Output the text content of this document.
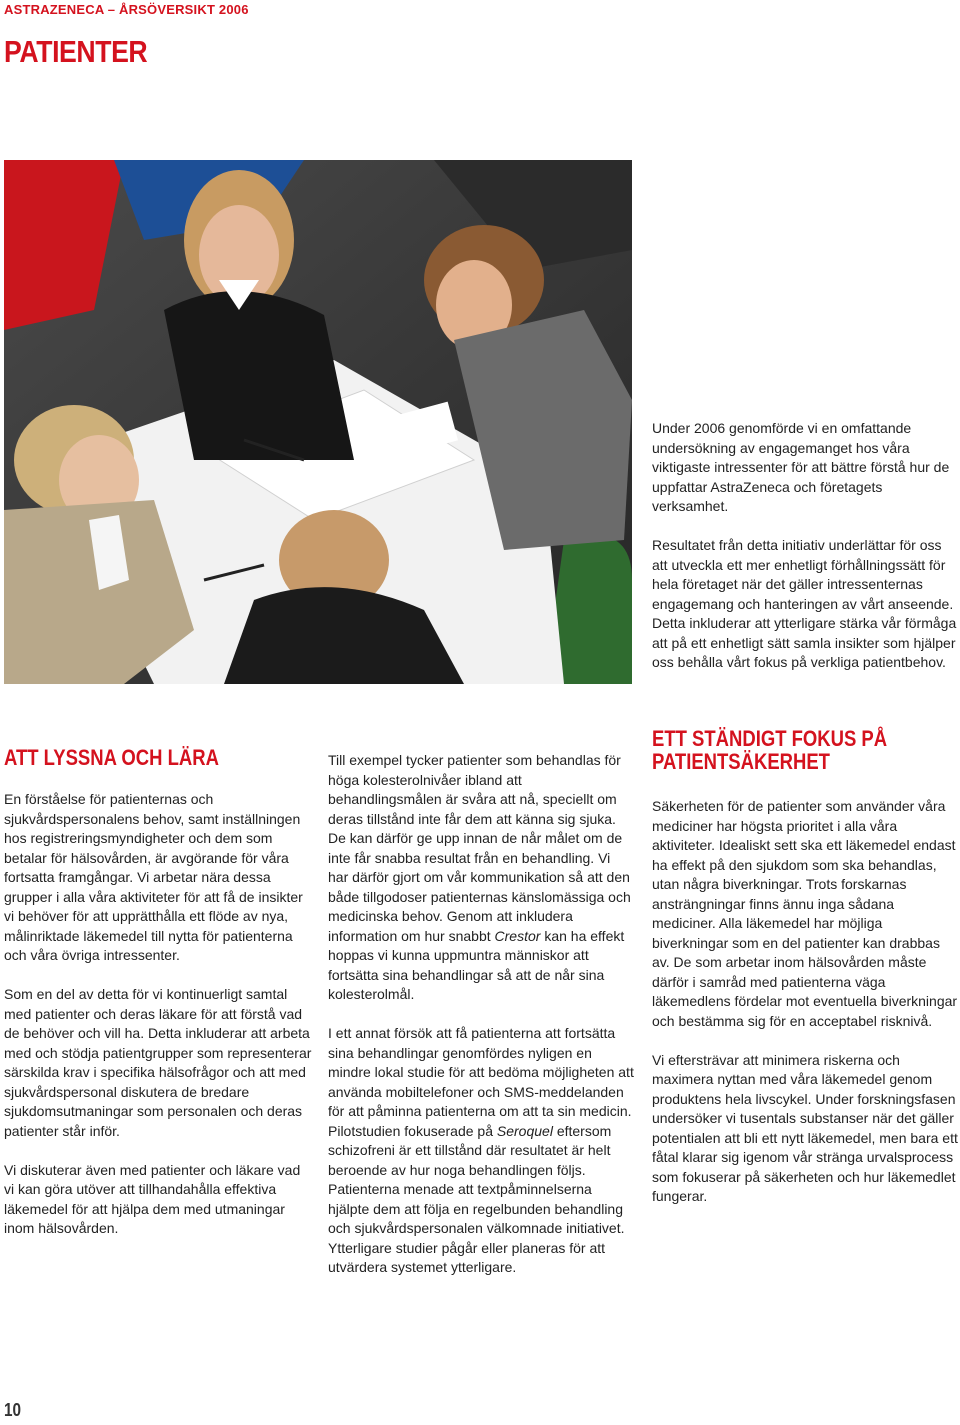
ASTRAZENECA – ÅRSÖVERSIKT 2006
PATIENTER

Under 2006 genomförde vi en omfattande undersökning av engagemanget hos våra viktigaste intressenter för att bättre förstå hur de uppfattar AstraZeneca och företagets verksamhet.

Resultatet från detta initiativ underlättar för oss att utveckla ett mer enhetligt förhållningssätt för hela företaget när det gäller intressenternas engagemang och hanteringen av vårt anseende. Detta inkluderar att ytterligare stärka vår förmåga att på ett enhetligt sätt samla insikter som hjälper oss behålla vårt fokus på verkliga patientbehov.

ATT LYSSNA OCH LÄRA

En förståelse för patienternas och sjukvårdspersonalens behov, samt inställningen hos registreringsmyndigheter och dem som betalar för hälsovården, är avgörande för våra fortsatta framgångar. Vi arbetar nära dessa grupper i alla våra aktiviteter för att få de insikter vi behöver för att upprätthålla ett flöde av nya, målinriktade läkemedel till nytta för patienterna och våra övriga intressenter.

Som en del av detta för vi kontinuerligt samtal med patienter och deras läkare för att förstå vad de behöver och vill ha. Detta inkluderar att arbeta med och stödja patientgrupper som representerar särskilda krav i specifika hälsofrågor och att med sjukvårdspersonal diskutera de bredare sjukdomsutmaningar som personalen och deras patienter står inför.

Vi diskuterar även med patienter och läkare vad vi kan göra utöver att tillhandahålla effektiva läkemedel för att hjälpa dem med utmaningar inom hälsovården.

Till exempel tycker patienter som behandlas för höga kolesterolnivåer ibland att behandlingsmålen är svåra att nå, speciellt om deras tillstånd inte får dem att känna sig sjuka. De kan därför ge upp innan de når målet om de inte får snabba resultat från en behandling. Vi har därför gjort om vår kommunikation så att den både tillgodoser patienternas känslomässiga och medicinska behov. Genom att inkludera information om hur snabbt Crestor kan ha effekt hoppas vi kunna uppmuntra människor att fortsätta sina behandlingar så att de når sina kolesterolmål.

I ett annat försök att få patienterna att fortsätta sina behandlingar genomfördes nyligen en mindre lokal studie för att bedöma möjligheten att använda mobiltelefoner och SMS-meddelanden för att påminna patienterna om att ta sin medicin. Pilotstudien fokuserade på Seroquel eftersom schizofreni är ett tillstånd där resultatet är helt beroende av hur noga behandlingen följs. Patienterna menade att textpåminnelserna hjälpte dem att följa en regelbunden behandling och sjukvårdspersonalen välkomnade initiativet. Ytterligare studier pågår eller planeras för att utvärdera systemet ytterligare.

ETT STÄNDIGT FOKUS PÅ
PATIENTSÄKERHET

Säkerheten för de patienter som använder våra mediciner har högsta prioritet i alla våra aktiviteter. Idealiskt sett ska ett läkemedel endast ha effekt på den sjukdom som ska behandlas, utan några biverkningar. Trots forskarnas ansträngningar finns ännu inga sådana mediciner. Alla läkemedel har möjliga biverkningar som en del patienter kan drabbas av. De som arbetar inom hälsovården måste därför i samråd med patienterna väga läkemedlens fördelar mot eventuella biverkningar och bestämma sig för en acceptabel risknivå.

Vi eftersträvar att minimera riskerna och maximera nyttan med våra läkemedel genom produktens hela livscykel. Under forskningsfasen undersöker vi tusentals substanser när det gäller potentialen att bli ett nytt läkemedel, men bara ett fåtal klarar sig igenom vår stränga urvalsprocess som fokuserar på säkerheten och hur läkemedlet fungerar.

10
